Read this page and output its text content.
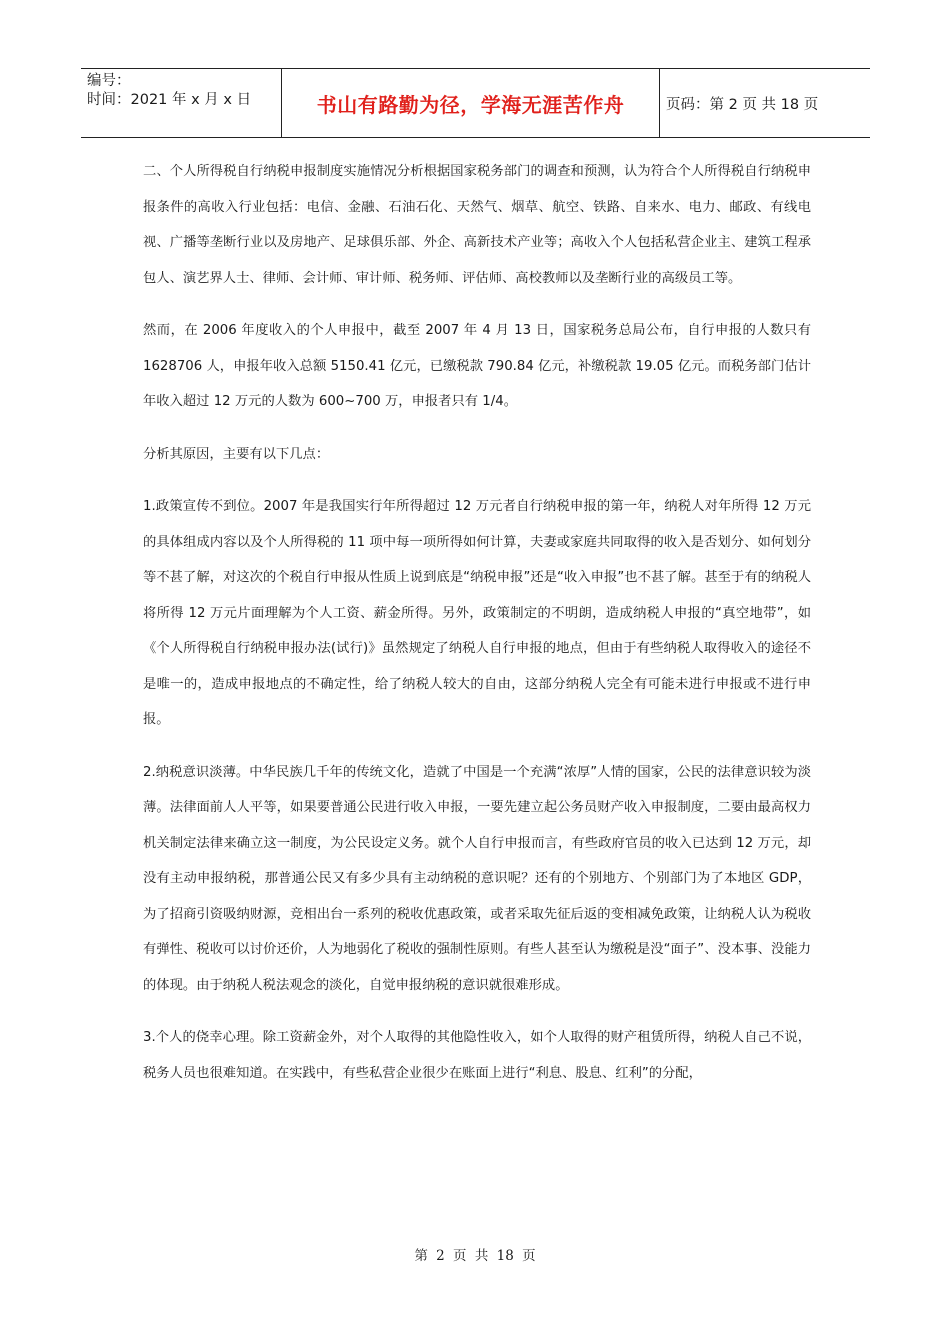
编号：
时间：2021 年 x 月 x 日	书山有路勤为径，学海无涯苦作舟	页码：第 2 页 共 18 页

二、个人所得税自行纳税申报制度实施情况分析根据国家税务部门的调查和预测，认为符合个人所得税自行纳税申报条件的高收入行业包括：电信、金融、石油石化、天然气、烟草、航空、铁路、自来水、电力、邮政、有线电视、广播等垄断行业以及房地产、足球俱乐部、外企、高新技术产业等；高收入个人包括私营企业主、建筑工程承包人、演艺界人士、律师、会计师、审计师、税务师、评估师、高校教师以及垄断行业的高级员工等。

然而，在 2006 年度收入的个人申报中，截至 2007 年 4 月 13 日，国家税务总局公布，自行申报的人数只有 1628706 人，申报年收入总额 5150.41 亿元，已缴税款 790.84 亿元，补缴税款 19.05 亿元。而税务部门估计年收入超过 12 万元的人数为 600~700 万，申报者只有 1/4。

分析其原因，主要有以下几点：

1.政策宣传不到位。2007 年是我国实行年所得超过 12 万元者自行纳税申报的第一年，纳税人对年所得 12 万元的具体组成内容以及个人所得税的 11 项中每一项所得如何计算，夫妻或家庭共同取得的收入是否划分、如何划分等不甚了解，对这次的个税自行申报从性质上说到底是“纳税申报”还是“收入申报”也不甚了解。甚至于有的纳税人将所得 12 万元片面理解为个人工资、薪金所得。另外，政策制定的不明朗，造成纳税人申报的“真空地带”，如《个人所得税自行纳税申报办法(试行)》虽然规定了纳税人自行申报的地点，但由于有些纳税人取得收入的途径不是唯一的，造成申报地点的不确定性，给了纳税人较大的自由，这部分纳税人完全有可能未进行申报或不进行申报。

2.纳税意识淡薄。中华民族几千年的传统文化，造就了中国是一个充满“浓厚”人情的国家，公民的法律意识较为淡薄。法律面前人人平等，如果要普通公民进行收入申报，一要先建立起公务员财产收入申报制度，二要由最高权力机关制定法律来确立这一制度，为公民设定义务。就个人自行申报而言，有些政府官员的收入已达到 12 万元，却没有主动申报纳税，那普通公民又有多少具有主动纳税的意识呢？还有的个别地方、个别部门为了本地区 GDP，为了招商引资吸纳财源，竞相出台一系列的税收优惠政策，或者采取先征后返的变相减免政策，让纳税人认为税收有弹性、税收可以讨价还价，人为地弱化了税收的强制性原则。有些人甚至认为缴税是没“面子”、没本事、没能力的体现。由于纳税人税法观念的淡化，自觉申报纳税的意识就很难形成。

3.个人的侥幸心理。除工资薪金外，对个人取得的其他隐性收入，如个人取得的财产租赁所得，纳税人自己不说，税务人员也很难知道。在实践中，有些私营企业很少在账面上进行“利息、股息、红利”的分配，

第 2 页 共 18 页
